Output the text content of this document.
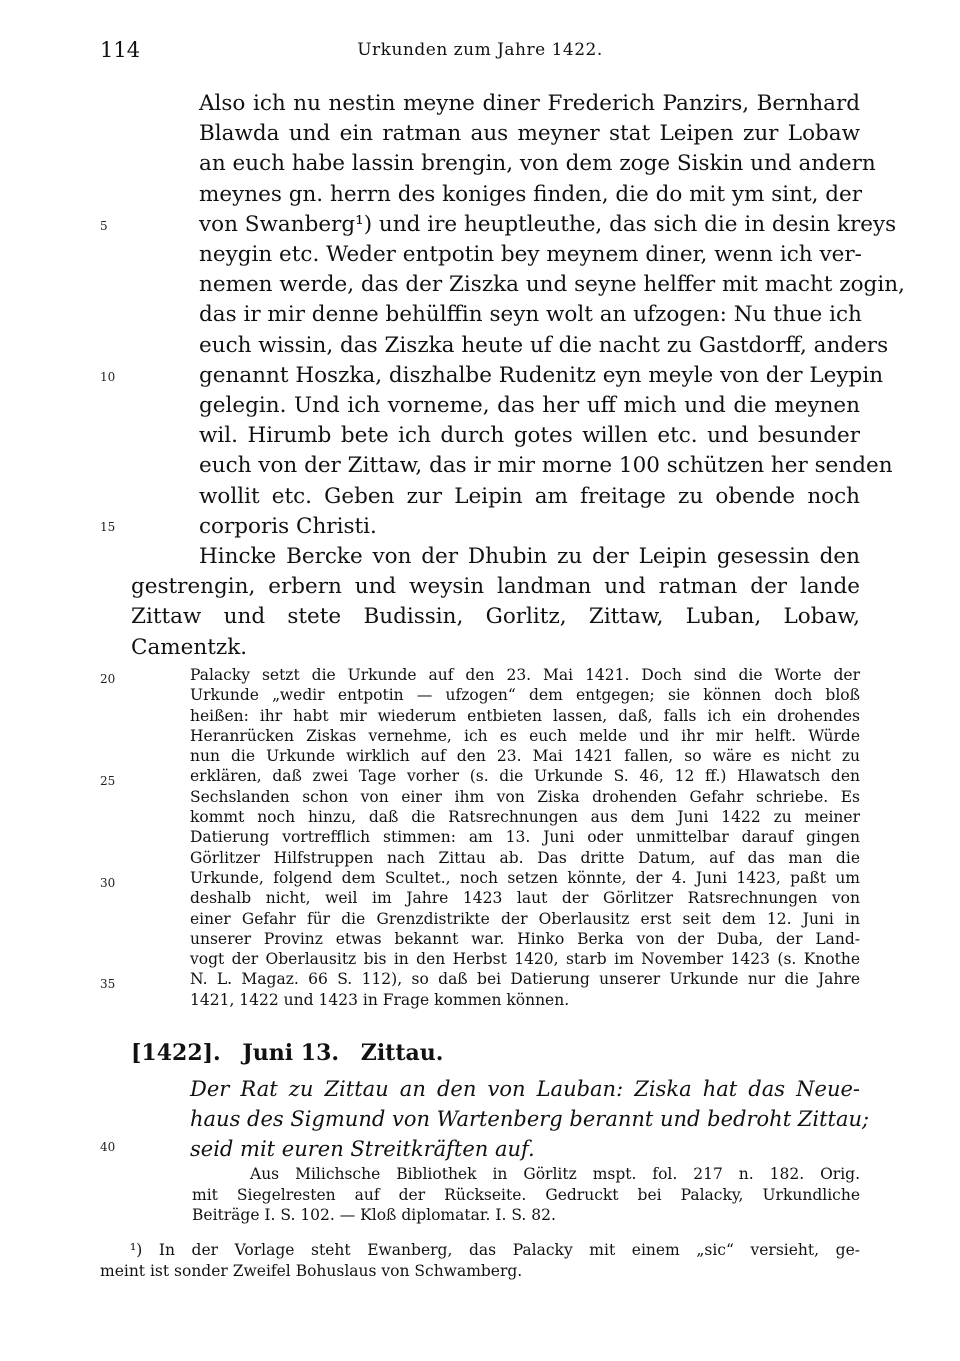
114	Urkunden zum Jahre 1422.
5
10
15
20
25
30
35
40

Also ich nu nestin meyne diner Frederich Panzirs, Bernhard
Blawda und ein ratman aus meyner stat Leipen zur Lobaw
an euch habe lassin brengin, von dem zoge Siskin und andern
meynes gn. herrn des koniges finden, die do mit ym sint, der
von Swanberg¹) und ire heuptleuthe, das sich die in desin kreys
neygin etc. Weder entpotin bey meynem diner, wenn ich ver-
nemen werde, das der Ziszka und seyne helffer mit macht zogin,
das ir mir denne behülffin seyn wolt an ufzogen: Nu thue ich
euch wissin, das Ziszka heute uf die nacht zu Gastdorff, anders
genannt Hoszka, diszhalbe Rudenitz eyn meyle von der Leypin
gelegin. Und ich vorneme, das her uff mich und die meynen
wil. Hirumb bete ich durch gotes willen etc. und besunder
euch von der Zittaw, das ir mir morne 100 schützen her senden
wollit etc. Geben zur Leipin am freitage zu obende noch
corporis Christi.

Hincke Bercke von der Dhubin zu der Leipin gesessin den
gestrengin, erbern und weysin landman und ratman der lande
Zittaw und stete Budissin, Gorlitz, Zittaw, Luban, Lobaw,
Camentzk.

Palacky setzt die Urkunde auf den 23. Mai 1421. Doch sind die Worte der
Urkunde „wedir entpotin — ufzogen“ dem entgegen; sie können doch bloß
heißen: ihr habt mir wiederum entbieten lassen, daß, falls ich ein drohendes
Heranrücken Ziskas vernehme, ich es euch melde und ihr mir helft. Würde
nun die Urkunde wirklich auf den 23. Mai 1421 fallen, so wäre es nicht zu
erklären, daß zwei Tage vorher (s. die Urkunde S. 46, 12 ff.) Hlawatsch den
Sechslanden schon von einer ihm von Ziska drohenden Gefahr schriebe. Es
kommt noch hinzu, daß die Ratsrechnungen aus dem Juni 1422 zu meiner
Datierung vortrefflich stimmen: am 13. Juni oder unmittelbar darauf gingen
Görlitzer Hilfstruppen nach Zittau ab. Das dritte Datum, auf das man die
Urkunde, folgend dem Scultet., noch setzen könnte, der 4. Juni 1423, paßt um
deshalb nicht, weil im Jahre 1423 laut der Görlitzer Ratsrechnungen von
einer Gefahr für die Grenzdistrikte der Oberlausitz erst seit dem 12. Juni in
unserer Provinz etwas bekannt war. Hinko Berka von der Duba, der Land-
vogt der Oberlausitz bis in den Herbst 1420, starb im November 1423 (s. Knothe
N. L. Magaz. 66 S. 112), so daß bei Datierung unserer Urkunde nur die Jahre
1421, 1422 und 1423 in Frage kommen können.
[1422]. Juni 13. Zittau.
Der Rat zu Zittau an den von Lauban: Ziska hat das Neue-
haus des Sigmund von Wartenberg berannt und bedroht Zittau;
seid mit euren Streitkräften auf.
Aus Milichsche Bibliothek in Görlitz mspt. fol. 217 n. 182. Orig.
mit Siegelresten auf der Rückseite. Gedruckt bei Palacky, Urkundliche
Beiträge I. S. 102. — Kloß diplomatar. I. S. 82.
¹) In der Vorlage steht Ewanberg, das Palacky mit einem „sic“ versieht, ge-
meint ist sonder Zweifel Bohuslaus von Schwamberg.
